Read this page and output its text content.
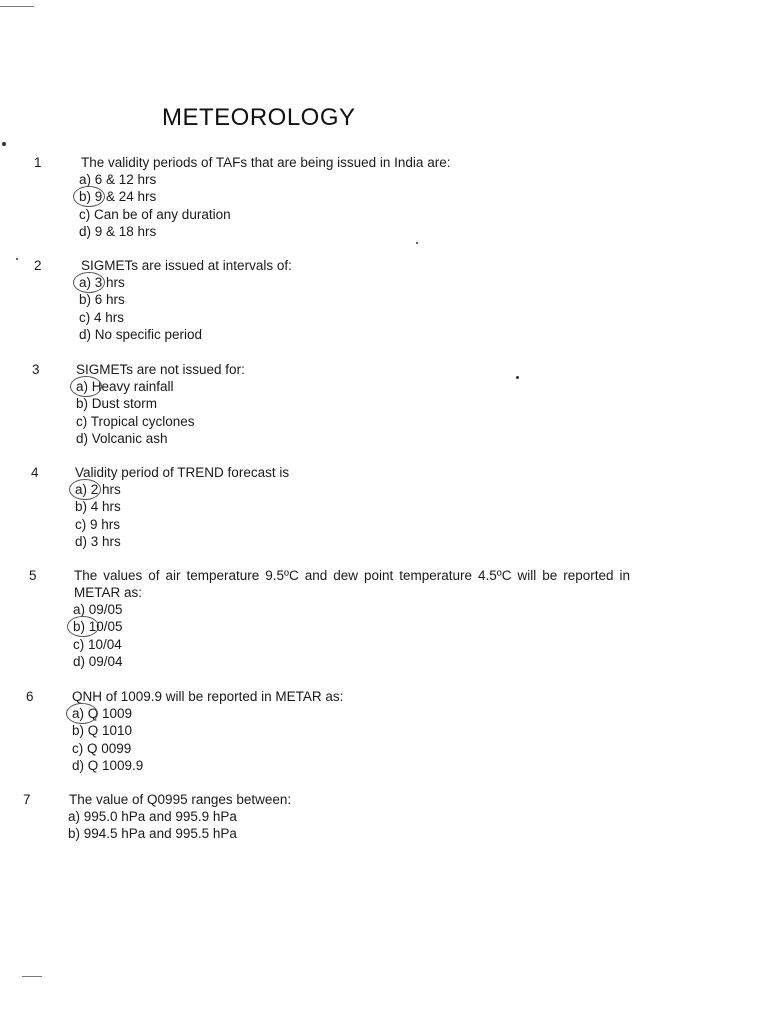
METEOROLOGY
1	The validity periods of TAFs that are being issued in India are:
a) 6 & 12 hrs
b) 9 & 24 hrs
c) Can be of any duration
d) 9 & 18 hrs
2	SIGMETs are issued at intervals of:
a) 3 hrs
b) 6 hrs
c) 4 hrs
d) No specific period
3	SIGMETs are not issued for:
a) Heavy rainfall
b) Dust storm
c) Tropical cyclones
d) Volcanic ash
4	Validity period of TREND forecast is
a) 2 hrs
b) 4 hrs
c) 9 hrs
d) 3 hrs
5	The values of air temperature 9.5ºC and dew point temperature 4.5ºC will be reported in METAR as:
a) 09/05
b) 10/05
c) 10/04
d) 09/04
6	QNH of 1009.9 will be reported in METAR as:
a) Q 1009
b) Q 1010
c) Q 0099
d) Q 1009.9
7	The value of Q0995 ranges between:
a) 995.0 hPa and 995.9 hPa
b) 994.5 hPa and 995.5 hPa
